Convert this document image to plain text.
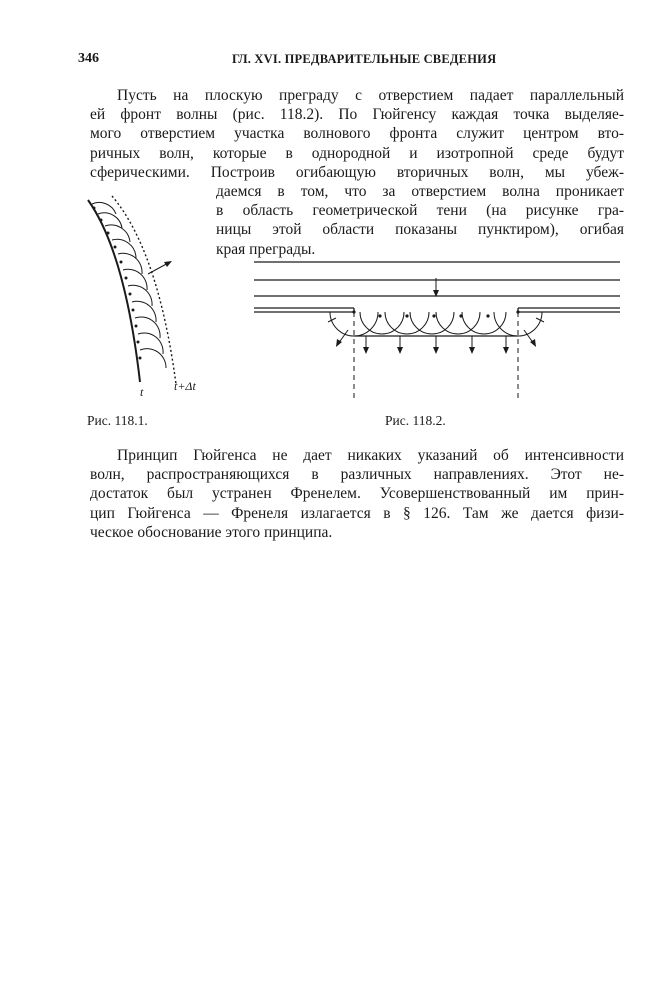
346	ГЛ. XVI. ПРЕДВАРИТЕЛЬНЫЕ СВЕДЕНИЯ
Пусть на плоскую преграду с отверстием падает параллельный
ей фронт волны (рис. 118.2). По Гюйгенсу каждая точка выделяе-
мого отверстием участка волнового фронта служит центром вто-
ричных волн, которые в однородной и изотропной среде будут
сферическими. Построив огибающую вторичных волн, мы убеж-
даемся в том, что за отверстием волна проникает
в область геометрической тени (на рисунке гра-
ницы этой области показаны пунктиром), огибая
края преграды.
t	t+Δt
Рис. 118.1.	Рис. 118.2.
Принцип Гюйгенса не дает никаких указаний об интенсивности
волн, распространяющихся в различных направлениях. Этот не-
достаток был устранен Френелем. Усовершенствованный им прин-
цип Гюйгенса — Френеля излагается в § 126. Там же дается физи-
ческое обоснование этого принципа.
